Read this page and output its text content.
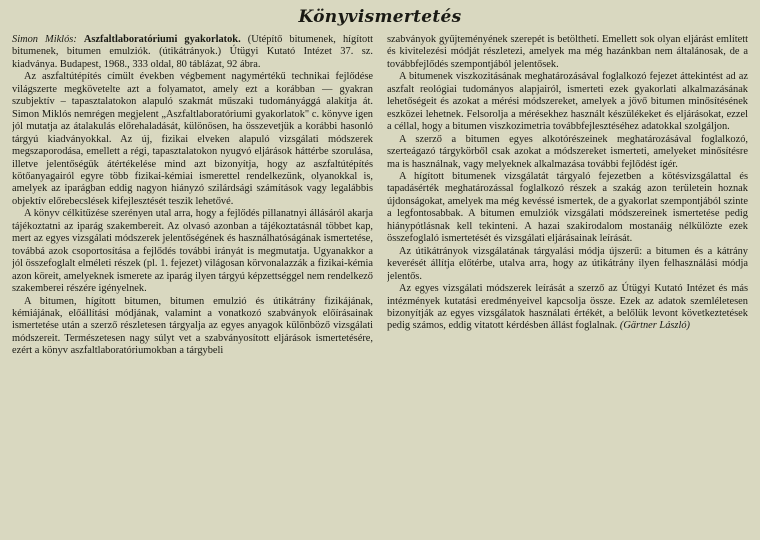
Könyvismertetés

Simon Miklós: Aszfaltlaboratóriumi gyakorlatok. (Útépítő bitumenek, hígított bitumenek, bitumen emulziók. (útikátrányok.) Útügyi Kutató Intézet 37. sz. kiadványa. Budapest, 1968., 333 oldal, 80 táblázat, 92 ábra.

Az aszfaltútépítés címült években végbement nagymértékű technikai fejlődése világszerte megkövetelte azt a folyamatot, amely ezt a korábban — gyakran szubjektív – tapasztalatokon alapuló szakmát műszaki tudományággá alakítja át. Simon Miklós nemrégen megjelent „Aszfaltlaboratóriumi gyakorlatok" c. könyve igen jól mutatja az átalakulás előrehaladását, különösen, ha összevetjük a korábbi hasonló tárgyú kiadványokkal. Az új, fizikai elveken alapuló vizsgálati módszerek megszaporodása, emellett a régi, tapasztalatokon nyugvó eljárások háttérbe szorulása, illetve jelentőségük átértékelése mind azt bizonyítja, hogy az aszfaltútépítés kötőanyagairól egyre több fizikai-kémiai ismerettel rendelkezünk, olyanokkal is, amelyek az iparágban eddig nagyon hiányzó szilárdsági számítások vagy legalábbis objektív előrebecslések kifejlesztését teszik lehetővé.

A könyv célkitűzése szerényen utal arra, hogy a fejlődés pillanatnyi állásáról akarja tájékoztatni az iparág szakembereit. Az olvasó azonban a tájékoztatásnál többet kap, mert az egyes vizsgálati módszerek jelentőségének és használhatóságának ismertetése, továbbá azok csoportosítása a fejlődés további irányát is megmutatja. Ugyanakkor a jól összefoglalt elméleti részek (pl. 1. fejezet) világosan körvonalazzák a fizikai-kémia azon köreit, amelyeknek ismerete az iparág ilyen tárgyú képzettséggel nem rendelkező szakemberei részére igényelnek.

A bitumen, hígított bitumen, bitumen emulzió és útikátrány fizikájának, kémiájának, előállítási módjának, valamint a vonatkozó szabványok előírásainak ismertetése után a szerző részletesen tárgyalja az egyes anyagok különböző vizsgálati módszereit. Természetesen nagy súlyt vet a szabványosított eljárások ismertetésére, ezért a könyv aszfaltlaboratóriumokban a tárgybeli

szabványok gyűjteményének szerepét is betölthetí. Emellett sok olyan eljárást említett és kivitelezési módját részletezi, amelyek ma még hazánkban nem általánosak, de a továbbfejlődés szempontjából jelentősek.

A bitumenek viszkozitásának meghatározásával foglalkozó fejezet áttekintést ad az aszfalt reológiai tudományos alapjairól, ismerteti ezek gyakorlati alkalmazásának lehetőségeit és azokat a mérési módszereket, amelyek a jövő bitumen minősítésének eszközei lehetnek. Felsorolja a mérésekhez használt készülékeket és eljárásokat, ezzel a céllal, hogy a bitumen viszkozimetria továbbfejlesztéséhez adatokkal szolgáljon.

A szerző a bitumen egyes alkotórészeinek meghatározásával foglalkozó, szerteágazó tárgykörből csak azokat a módszereket ismerteti, amelyeket minősítésre ma is használnak, vagy melyeknek alkalmazása további fejlődést ígér.

A hígított bitumenek vizsgálatát tárgyaló fejezetben a kötésvizsgálattal és tapadásérték meghatározással foglalkozó részek a szakág azon területein hoznak újdonságokat, amelyek ma még kevéssé ismertek, de a gyakorlat szempontjából szinte a legfontosabbak. A bitumen emulziók vizsgálati módszereinek ismertetése pedig hiánypótlásnak kell tekinteni. A hazai szakirodalom mostanáig nélkülözte ezek összefoglaló ismertetését és vizsgálati eljárásainak leírását.

Az útikátrányok vizsgálatának tárgyalási módja újszerű: a bitumen és a kátrány keverését állítja előtérbe, utalva arra, hogy az útikátrány ilyen felhasználási módja jelentős.

Az egyes vizsgálati módszerek leírását a szerző az Útügyi Kutató Intézet és más intézmények kutatási eredményeivel kapcsolja össze. Ezek az adatok szemléletesen bizonyítják az egyes vizsgálatok használati értékét, a belőlük levont következtetések pedig számos, eddig vitatott kérdésben állást foglalnak. (Gärtner László)
